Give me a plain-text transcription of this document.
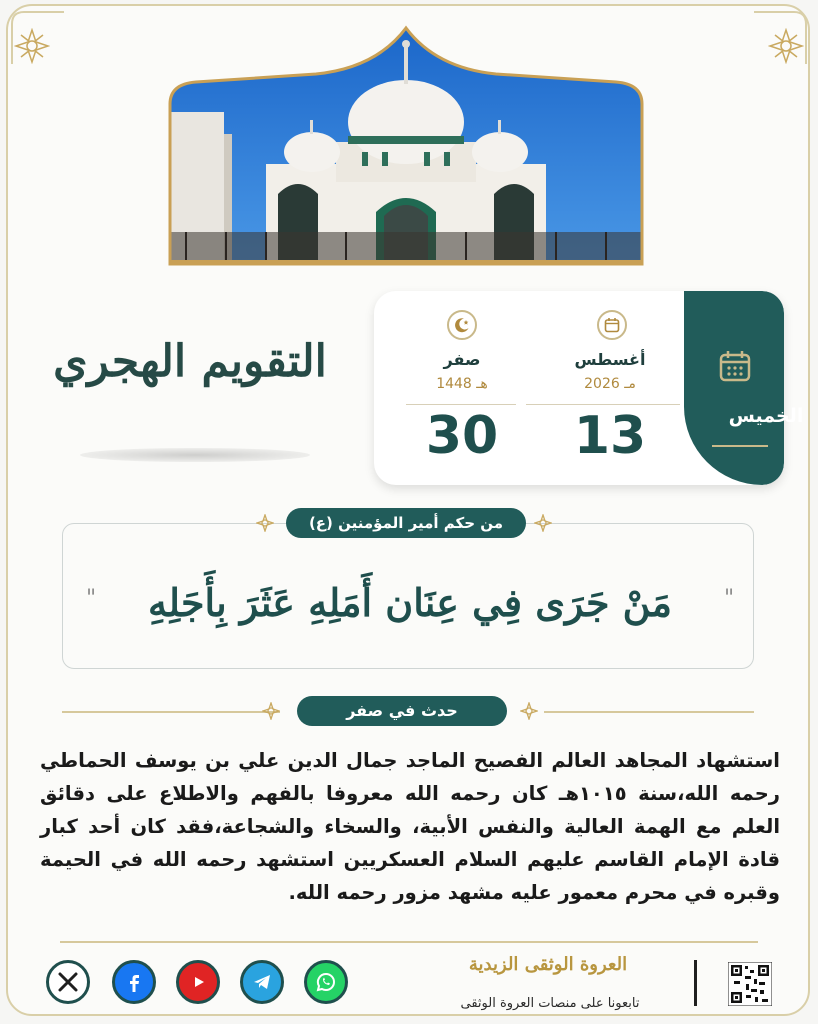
التقويم الهجري
الخميس
أغسطس
2026 مـ
13
صفر
1448 هـ
30
من حكم أمير المؤمنين (ع)
"
"	مَنْ جَرَى فِي عِنَان أَمَلِهِ عَثَرَ بِأَجَلِهِ
حدث في صفر
استشهاد المجاهد العالم الفصيح الماجد جمال الدين علي بن يوسف الحماطي رحمه الله،سنة ١٠١٥هـ كان رحمه الله معروفا بالفهم والاطلاع على دقائق العلم مع الهمة العالية والنفس الأبية، والسخاء والشجاعة،فقد كان أحد كبار قادة الإمام القاسم عليهم السلام العسكريين استشهد رحمه الله في الحيمة وقبره في محرم معمور عليه مشهد مزور رحمه الله.
العروة الوثقى الزيدية
تابعونا على منصات العروة الوثقى
